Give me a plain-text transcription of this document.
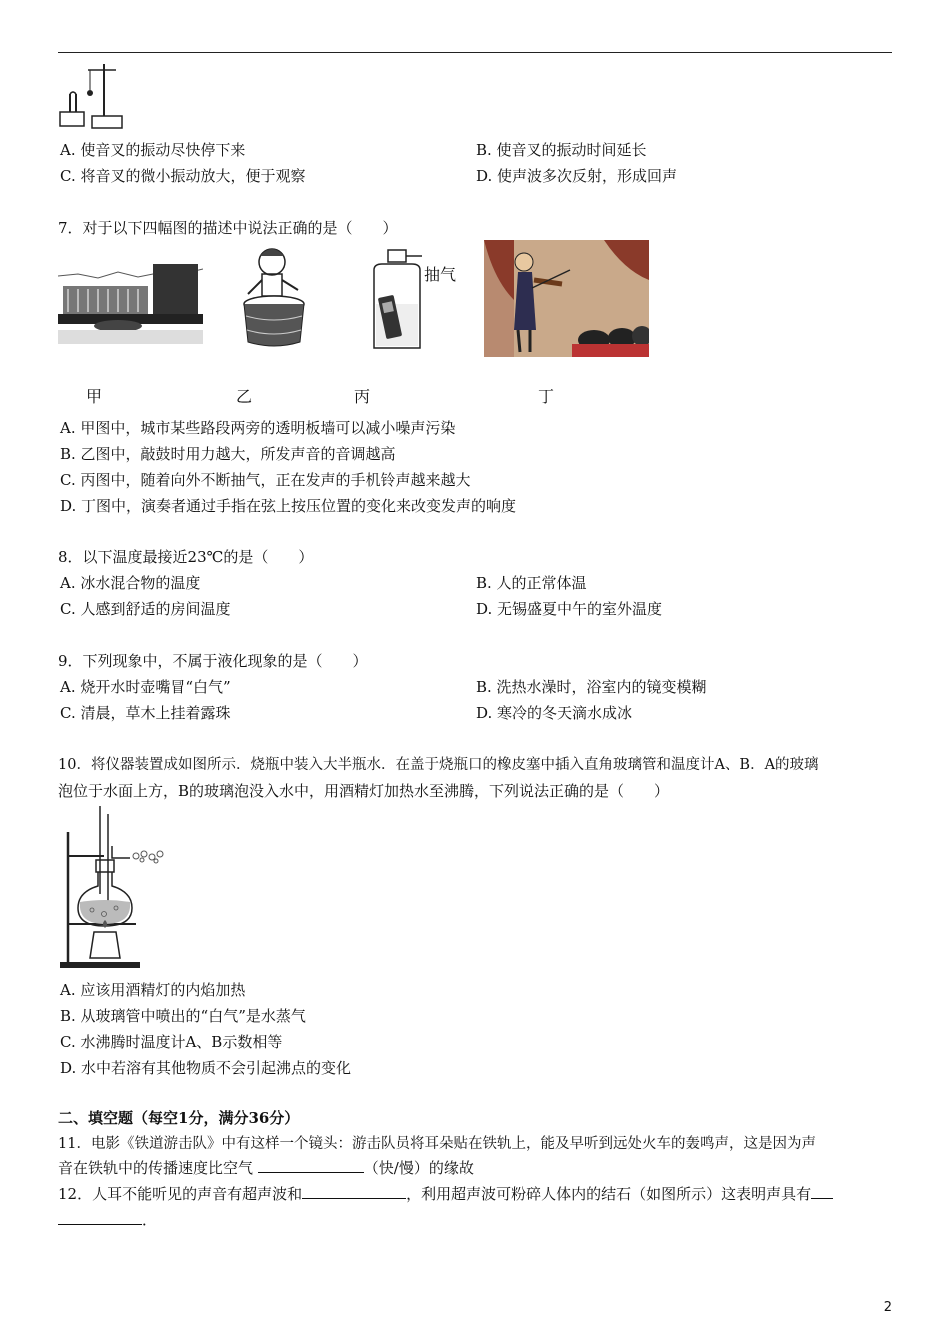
A. 使音叉的振动尽快停下来	B. 使音叉的振动时间延长
C. 将音叉的微小振动放大，便于观察	D. 使声波多次反射，形成回声
7．对于以下四幅图的描述中说法正确的是（　　）
抽气
甲	乙	丙	丁
A. 甲图中，城市某些路段两旁的透明板墙可以减小噪声污染
B. 乙图中，敲鼓时用力越大，所发声音的音调越高
C. 丙图中，随着向外不断抽气，正在发声的手机铃声越来越大
D. 丁图中，演奏者通过手指在弦上按压位置的变化来改变发声的响度
8．以下温度最接近23℃的是（　　）
A. 冰水混合物的温度	B. 人的正常体温
C. 人感到舒适的房间温度	D. 无锡盛夏中午的室外温度
9．下列现象中，不属于液化现象的是（　　）
A. 烧开水时壶嘴冒“白气”	B. 洗热水澡时，浴室内的镜变模糊
C. 清晨，草木上挂着露珠	D. 寒冷的冬天滴水成冰
10．将仪器装置成如图所示．烧瓶中装入大半瓶水．在盖于烧瓶口的橡皮塞中插入直角玻璃管和温度计A、B．A的玻璃
泡位于水面上方，B的玻璃泡没入水中，用酒精灯加热水至沸腾，下列说法正确的是（　　）
A. 应该用酒精灯的内焰加热
B. 从玻璃管中喷出的“白气”是水蒸气
C. 水沸腾时温度计A、B示数相等
D. 水中若溶有其他物质不会引起沸点的变化
二、填空题（每空1分，满分36分）
11．电影《铁道游击队》中有这样一个镜头：游击队员将耳朵贴在铁轨上，能及早听到远处火车的轰鸣声，这是因为声
音在铁轨中的传播速度比空气	（快/慢）的缘故
12．人耳不能听见的声音有超声波和	，利用超声波可粉碎人体内的结石（如图所示）这表明声具有
．
2
